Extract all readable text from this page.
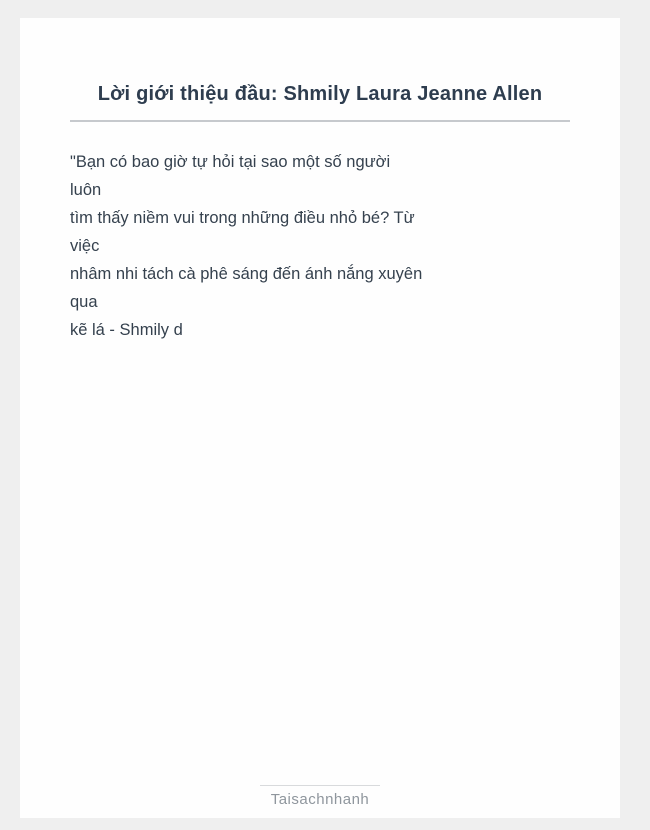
Lời giới thiệu đầu: Shmily Laura Jeanne Allen
"Bạn có bao giờ tự hỏi tại sao một số người
luôn
tìm thấy niềm vui trong những điều nhỏ bé? Từ
việc
nhâm nhi tách cà phê sáng đến ánh nắng xuyên
qua
kẽ lá - Shmily d
Taisachnhanh
